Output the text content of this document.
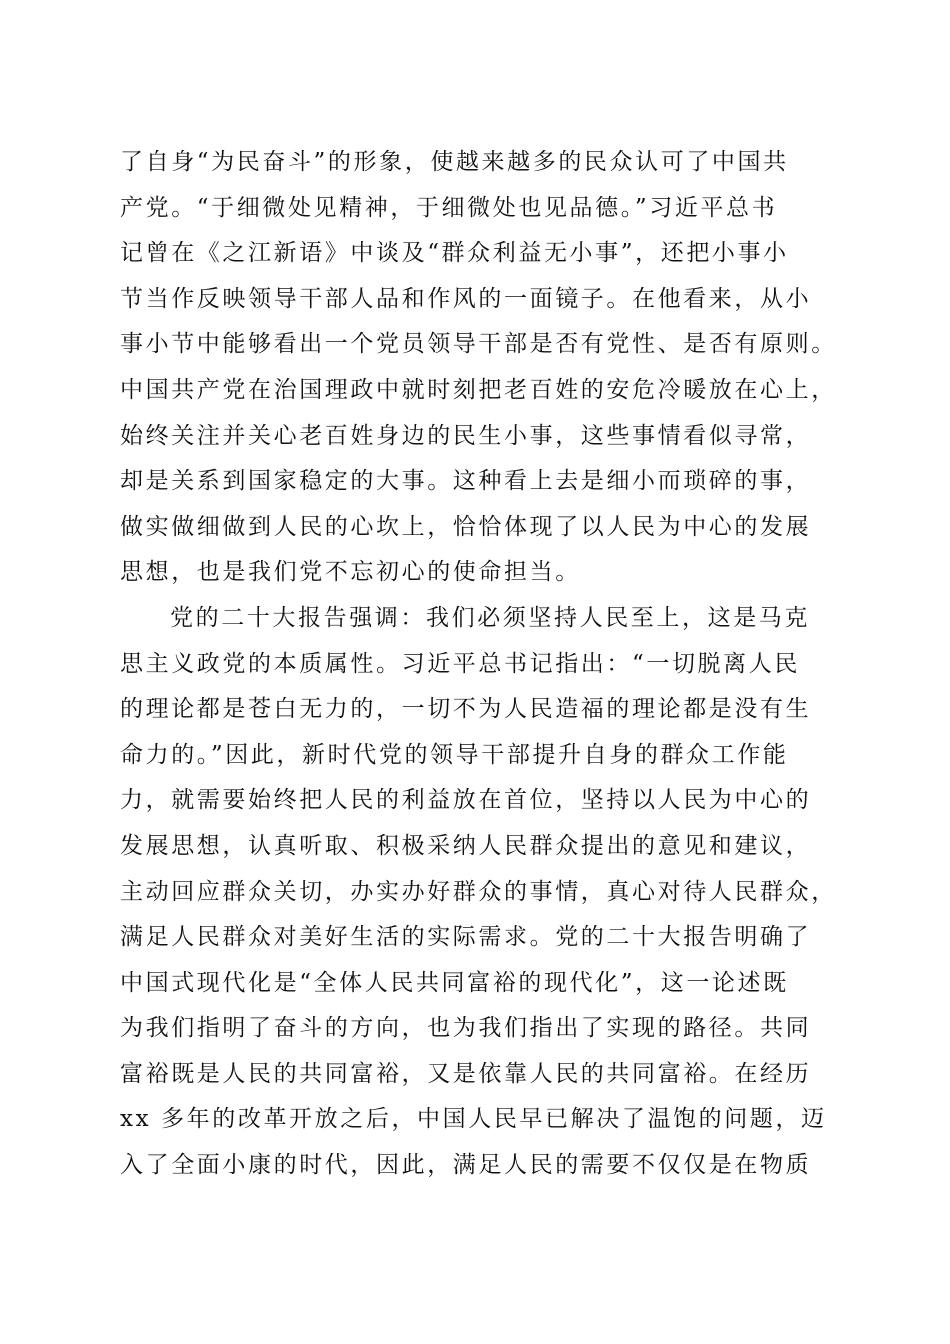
了自身“为民奋斗”的形象，使越来越多的民众认可了中国共
产党。“于细微处见精神，于细微处也见品德。”习近平总书
记曾在《之江新语》中谈及“群众利益无小事”，还把小事小
节当作反映领导干部人品和作风的一面镜子。在他看来，从小
事小节中能够看出一个党员领导干部是否有党性、是否有原则。
中国共产党在治国理政中就时刻把老百姓的安危冷暖放在心上，
始终关注并关心老百姓身边的民生小事，这些事情看似寻常，
却是关系到国家稳定的大事。这种看上去是细小而琐碎的事，
做实做细做到人民的心坎上，恰恰体现了以人民为中心的发展
思想，也是我们党不忘初心的使命担当。
党的二十大报告强调：我们必须坚持人民至上，这是马克
思主义政党的本质属性。习近平总书记指出：“一切脱离人民
的理论都是苍白无力的，一切不为人民造福的理论都是没有生
命力的。”因此，新时代党的领导干部提升自身的群众工作能
力，就需要始终把人民的利益放在首位，坚持以人民为中心的
发展思想，认真听取、积极采纳人民群众提出的意见和建议，
主动回应群众关切，办实办好群众的事情，真心对待人民群众，
满足人民群众对美好生活的实际需求。党的二十大报告明确了
中国式现代化是“全体人民共同富裕的现代化”，这一论述既
为我们指明了奋斗的方向，也为我们指出了实现的路径。共同
富裕既是人民的共同富裕，又是依靠人民的共同富裕。在经历
xx 多年的改革开放之后，中国人民早已解决了温饱的问题，迈
入了全面小康的时代，因此，满足人民的需要不仅仅是在物质
